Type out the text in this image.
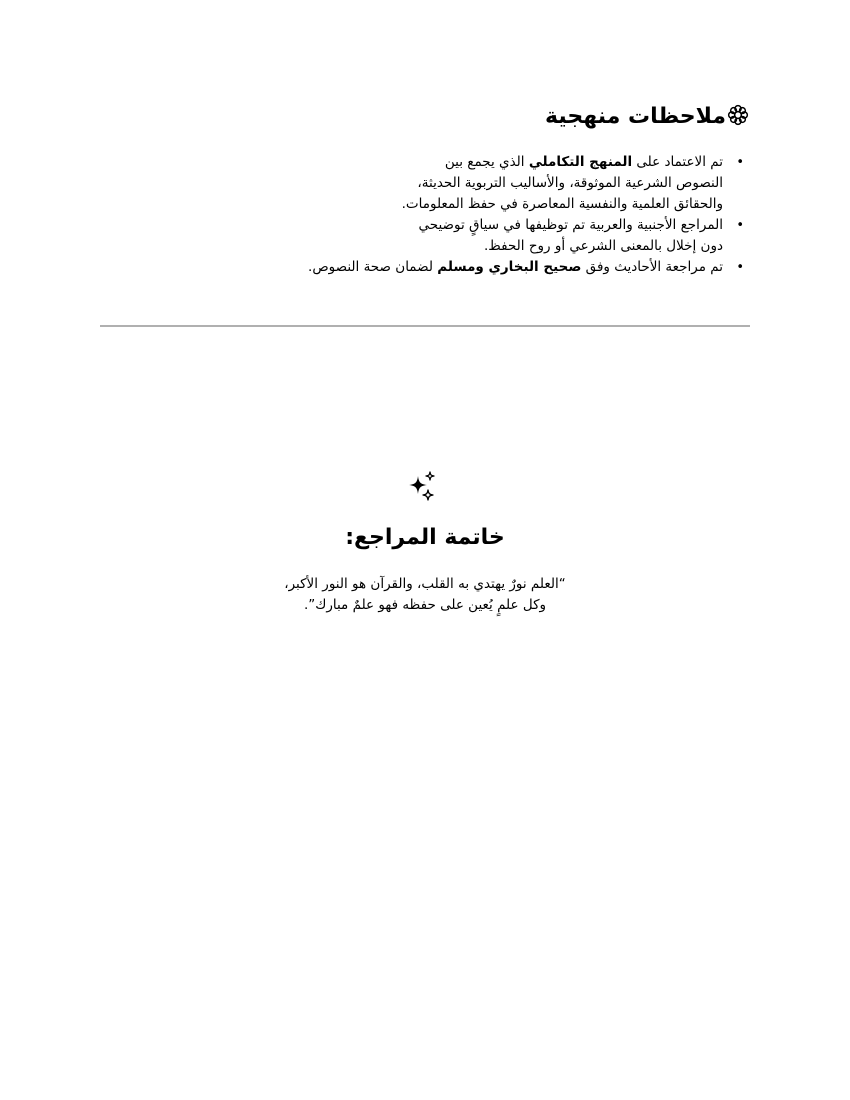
ملاحظات منهجية
•
تم الاعتماد على المنهج التكاملي الذي يجمع بين
النصوص الشرعية الموثوقة، والأساليب التربوية الحديثة،
والحقائق العلمية والنفسية المعاصرة في حفظ المعلومات.
•
المراجع الأجنبية والعربية تم توظيفها في سياقٍ توضيحي
دون إخلال بالمعنى الشرعي أو روح الحفظ.
•
تم مراجعة الأحاديث وفق صحيح البخاري ومسلم لضمان صحة النصوص.
خاتمة المراجع:

“العلم نورٌ يهتدي به القلب، والقرآن هو النور الأكبر،
وكل علمٍ يُعين على حفظه فهو علمٌ مبارك”.
